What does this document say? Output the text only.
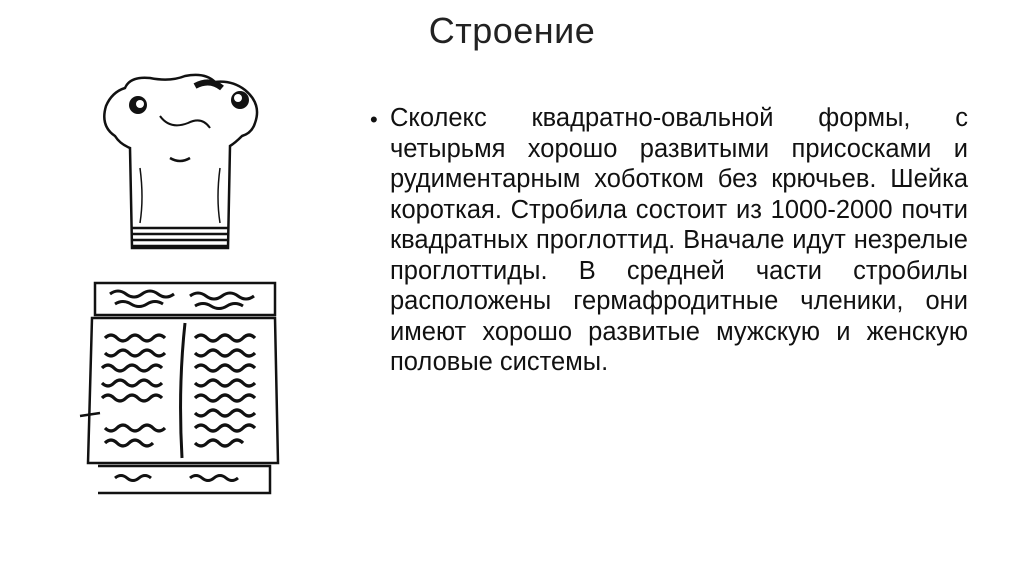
Строение
• Сколекс квадратно-овальной формы, с четырьмя хорошо развитыми присосками и рудиментарным хоботком без крючьев. Шейка короткая. Стробила состоит из 1000-2000 почти квадратных проглоттид. Вначале идут незрелые проглоттиды. В средней части стробилы расположены гермафродитные членики, они имеют хорошо развитые мужскую и женскую половые системы.
